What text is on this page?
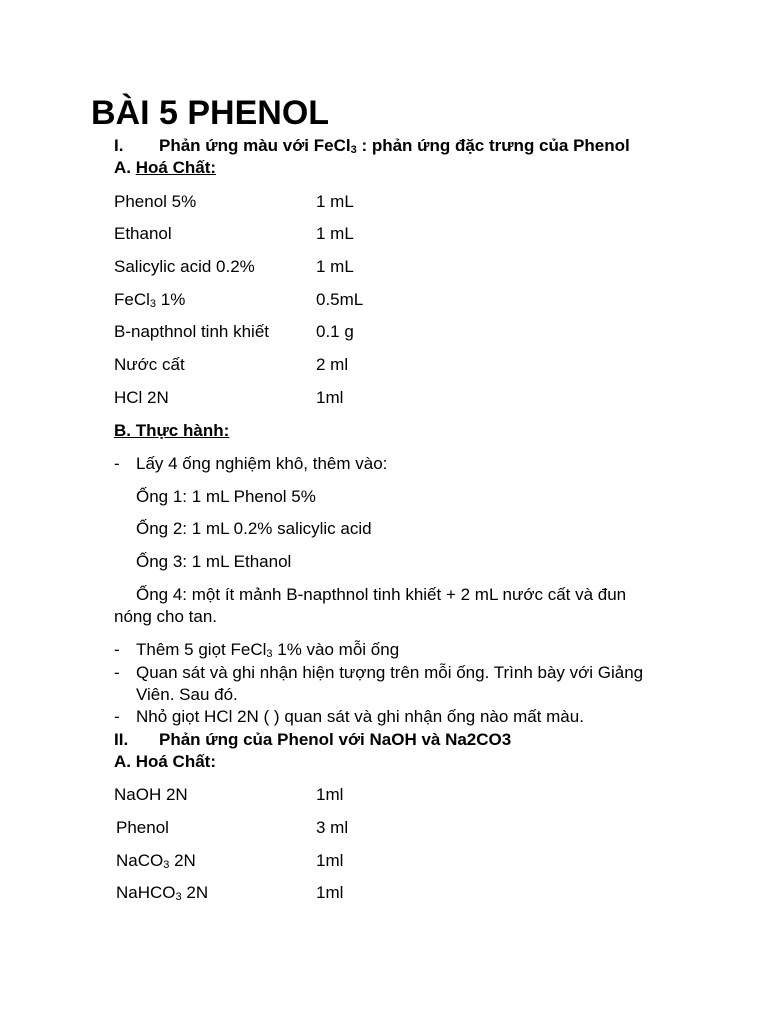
BÀI 5 PHENOL
I. Phản ứng màu với FeCl$_3$ : phản ứng đặc trưng của Phenol
A. Hoá Chất:
Phenol 5%	1 mL
Ethanol	1 mL
Salicylic acid 0.2%	1 mL
FeCl$_3$ 1%	0.5mL
B-napthnol tinh khiết	0.1 g
Nước cất	2 ml
HCl 2N	1ml
B. Thực hành:
- Lấy 4 ống nghiệm khô, thêm vào:
Ống 1: 1 mL Phenol 5%
Ống 2: 1 mL 0.2% salicylic acid
Ống 3: 1 mL Ethanol
Ống 4: một ít mảnh B-napthnol tinh khiết + 2 mL nước cất và đun
nóng cho tan.
- Thêm 5 giọt FeCl$_3$ 1% vào mỗi ống
- Quan sát và ghi nhận hiện tượng trên mỗi ống. Trình bày với Giảng
Viên. Sau đó.
- Nhỏ giọt HCl 2N ( ) quan sát và ghi nhận ống nào mất màu.
II. Phản ứng của Phenol với NaOH và Na2CO3
A. Hoá Chất:
NaOH 2N	1ml
Phenol	3 ml
NaCO$_3$ 2N	1ml
NaHCO$_3$ 2N	1ml
